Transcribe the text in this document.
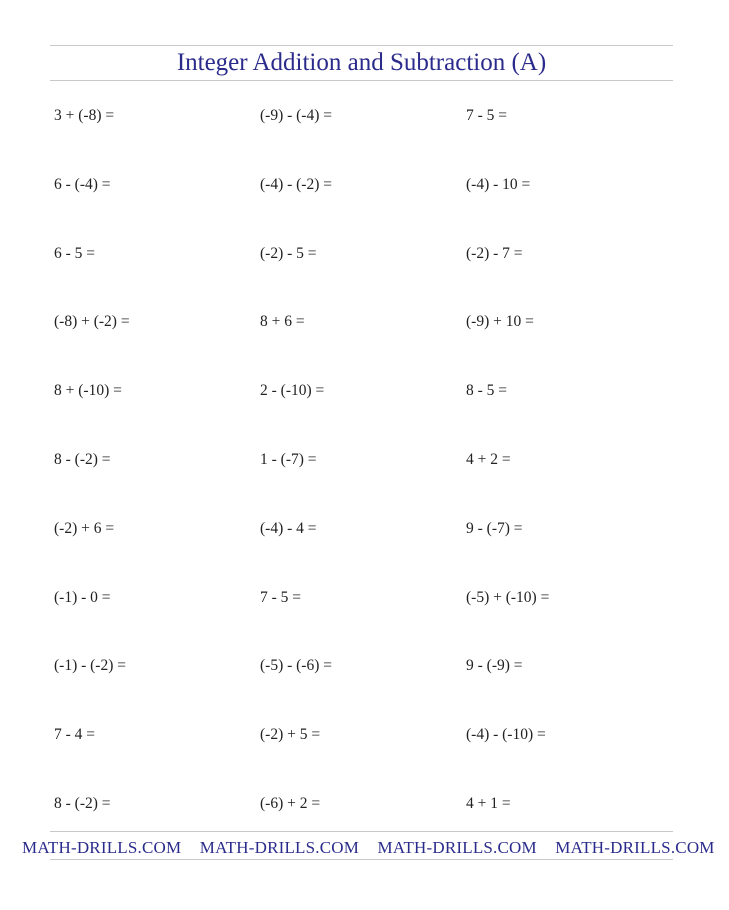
Integer Addition and Subtraction (A)
3 + (-8) =	(-9) - (-4) =	7 - 5 =
6 - (-4) =	(-4) - (-2) =	(-4) - 10 =
6 - 5 =	(-2) - 5 =	(-2) - 7 =
(-8) + (-2) =	8 + 6 =	(-9) + 10 =
8 + (-10) =	2 - (-10) =	8 - 5 =
8 - (-2) =	1 - (-7) =	4 + 2 =
(-2) + 6 =	(-4) - 4 =	9 - (-7) =
(-1) - 0 =	7 - 5 =	(-5) + (-10) =
(-1) - (-2) =	(-5) - (-6) =	9 - (-9) =
7 - 4 =	(-2) + 5 =	(-4) - (-10) =
8 - (-2) =	(-6) + 2 =	4 + 1 =
MATH-DRILLS.COM MATH-DRILLS.COM MATH-DRILLS.COM MATH-DRILLS.COM
